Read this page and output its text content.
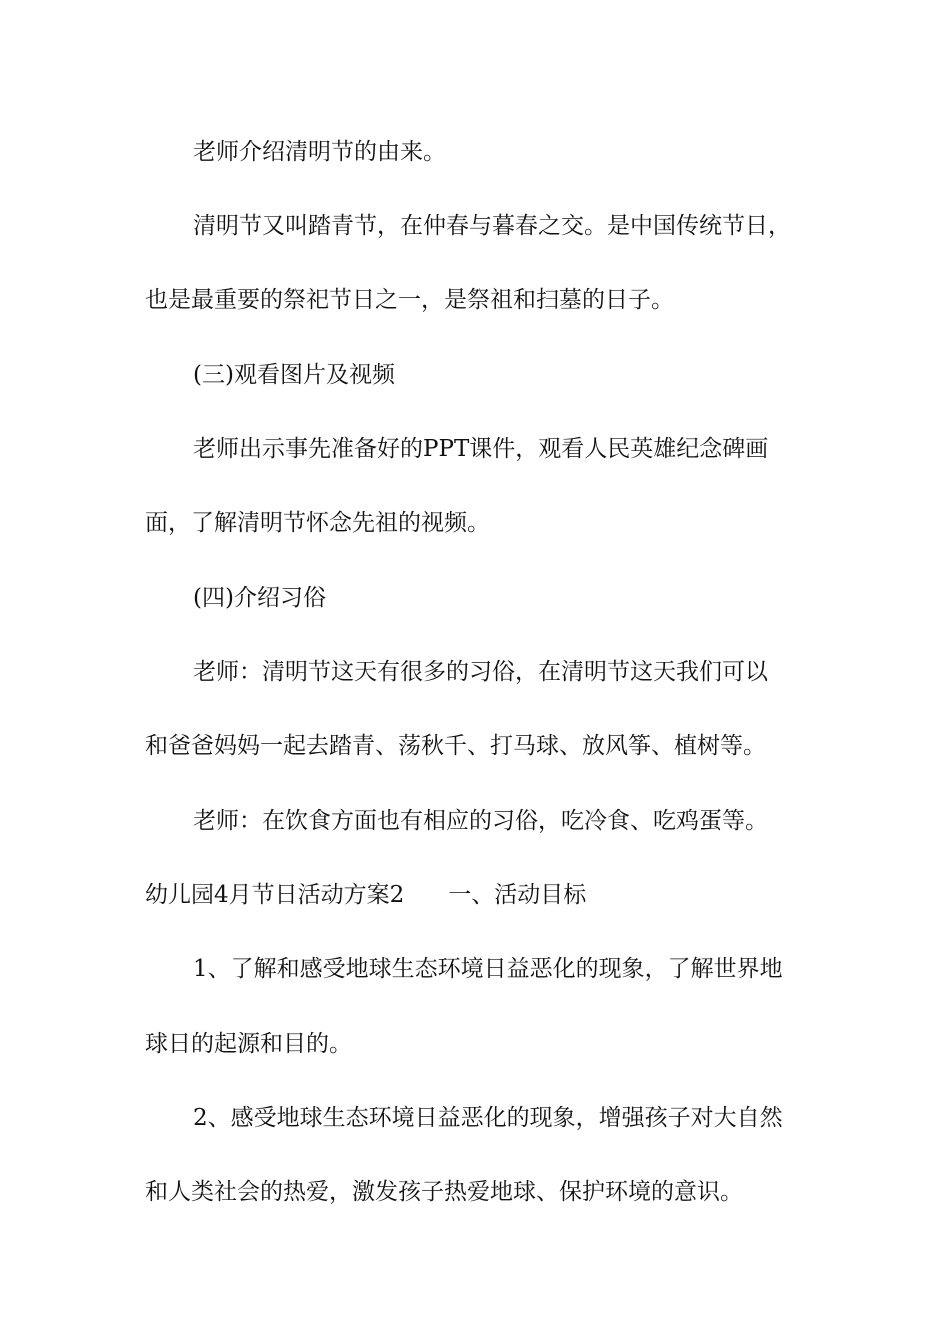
老师介绍清明节的由来。

清明节又叫踏青节，在仲春与暮春之交。是中国传统节日，

也是最重要的祭祀节日之一，是祭祖和扫墓的日子。

(三)观看图片及视频

老师出示事先准备好的PPT课件，观看人民英雄纪念碑画

面，了解清明节怀念先祖的视频。

(四)介绍习俗

老师：清明节这天有很多的习俗，在清明节这天我们可以

和爸爸妈妈一起去踏青、荡秋千、打马球、放风筝、植树等。

老师：在饮食方面也有相应的习俗，吃冷食、吃鸡蛋等。

幼儿园4月节日活动方案2 一、活动目标

1、了解和感受地球生态环境日益恶化的现象，了解世界地

球日的起源和目的。

2、感受地球生态环境日益恶化的现象，增强孩子对大自然

和人类社会的热爱，激发孩子热爱地球、保护环境的意识。
